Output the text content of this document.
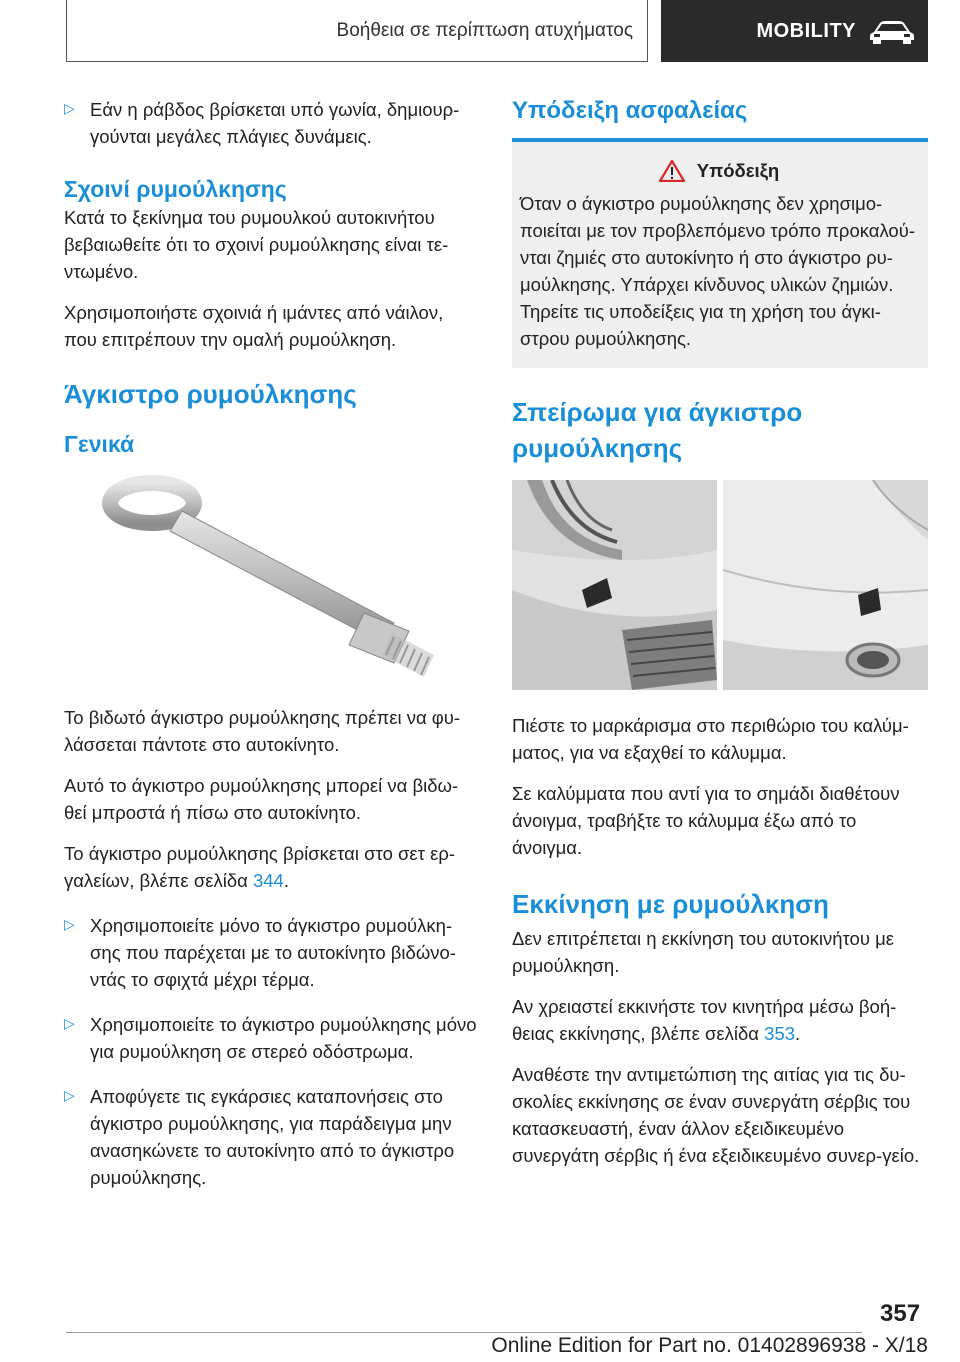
Βοήθεια σε περίπτωση ατυχήματος	MOBILITY
▷ Εάν η ράβδος βρίσκεται υπό γωνία, δημιουρ-
γούνται μεγάλες πλάγιες δυνάμεις.
Σχοινί ρυμούλκησης

Κατά το ξεκίνημα του ρυμουλκού αυτοκινήτου βεβαιωθείτε ότι το σχοινί ρυμούλκησης είναι τε-ντωμένο.

Χρησιμοποιήστε σχοινιά ή ιμάντες από νάιλον, που επιτρέπουν την ομαλή ρυμούλκηση.

Άγκιστρο ρυμούλκησης
Γενικά

Το βιδωτό άγκιστρο ρυμούλκησης πρέπει να φυ-λάσσεται πάντοτε στο αυτοκίνητο.

Αυτό το άγκιστρο ρυμούλκησης μπορεί να βιδω-θεί μπροστά ή πίσω στο αυτοκίνητο.

Το άγκιστρο ρυμούλκησης βρίσκεται στο σετ ερ-γαλείων, βλέπε σελίδα 344.

▷ Χρησιμοποιείτε μόνο το άγκιστρο ρυμούλκη-σης που παρέχεται με το αυτοκίνητο βιδώνο-ντάς το σφιχτά μέχρι τέρμα.
▷ Χρησιμοποιείτε το άγκιστρο ρυμούλκησης μόνο για ρυμούλκηση σε στερεό οδόστρωμα.
▷ Αποφύγετε τις εγκάρσιες καταπονήσεις στο άγκιστρο ρυμούλκησης, για παράδειγμα μην ανασηκώνετε το αυτοκίνητο από το άγκιστρο ρυμούλκησης.
Υπόδειξη ασφαλείας
Υπόδειξη

Όταν ο άγκιστρο ρυμούλκησης δεν χρησιμο-ποιείται με τον προβλεπόμενο τρόπο προκαλού-νται ζημιές στο αυτοκίνητο ή στο άγκιστρο ρυ-μούλκησης. Υπάρχει κίνδυνος υλικών ζημιών. Τηρείτε τις υποδείξεις για τη χρήση του άγκι-στρου ρυμούλκησης.

Σπείρωμα για άγκιστρο ρυμούλκησης

Πιέστε το μαρκάρισμα στο περιθώριο του καλύμ-ματος, για να εξαχθεί το κάλυμμα.

Σε καλύμματα που αντί για το σημάδι διαθέτουν άνοιγμα, τραβήξτε το κάλυμμα έξω από το άνοιγμα.

Εκκίνηση με ρυμούλκηση

Δεν επιτρέπεται η εκκίνηση του αυτοκινήτου με ρυμούλκηση.

Αν χρειαστεί εκκινήστε τον κινητήρα μέσω βοή-θειας εκκίνησης, βλέπε σελίδα 353.

Αναθέστε την αντιμετώπιση της αιτίας για τις δυ-σκολίες εκκίνησης σε έναν συνεργάτη σέρβις του κατασκευαστή, έναν άλλον εξειδικευμένο συνεργάτη σέρβις ή ένα εξειδικευμένο συνερ-γείο.

357
Online Edition for Part no. 01402896938 - X/18
